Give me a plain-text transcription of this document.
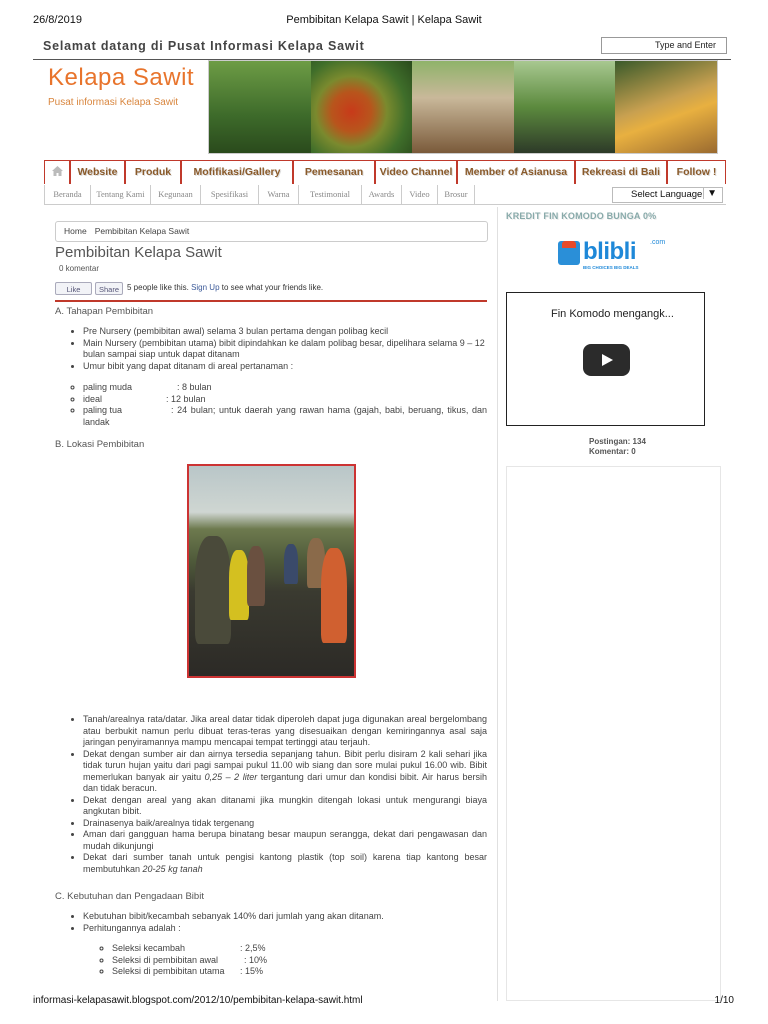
26/8/2019	Pembibitan Kelapa Sawit | Kelapa Sawit
Selamat datang di Pusat Informasi Kelapa Sawit	Type and Enter
Kelapa Sawit
Pusat informasi Kelapa Sawit
Website	Produk	Mofifikasi/Gallery	Pemesanan	Video Channel	Member of Asianusa	Rekreasi di Bali	Follow !
Beranda	Tentang Kami	Kegunaan	Spesifikasi	Warna	Testimonial	Awards	Video	Brosur	Select Language ▼
Home Pembibitan Kelapa Sawit
Pembibitan Kelapa Sawit
0 komentar
Like	Share	5 people like this. Sign Up to see what your friends like.
A. Tahapan Pembibitan
• Pre Nursery (pembibitan awal) selama 3 bulan pertama dengan polibag kecil
• Main Nursery (pembibitan utama) bibit dipindahkan ke dalam polibag besar, dipelihara selama 9 – 12 bulan sampai siap untuk dapat ditanam
• Umur bibit yang dapat ditanam di areal pertanaman :
◦ paling muda	: 8 bulan
◦ ideal	: 12 bulan
◦ paling tua	: 24 bulan; untuk daerah yang rawan hama (gajah, babi, beruang, tikus, dan landak
B. Lokasi Pembibitan
• Tanah/arealnya rata/datar. Jika areal datar tidak diperoleh dapat juga digunakan areal bergelombang atau berbukit namun perlu dibuat teras-teras yang disesuaikan dengan kemiringannya asal saja jaringan penyiramannya mampu mencapai tempat tertinggi atau terjauh.
• Dekat dengan sumber air dan airnya tersedia sepanjang tahun. Bibit perlu disiram 2 kali sehari jika tidak turun hujan yaitu dari pagi sampai pukul 11.00 wib siang dan sore mulai pukul 16.00 wib. Bibit memerlukan banyak air yaitu 0,25 – 2 liter tergantung dari umur dan kondisi bibit. Air harus bersih dan tidak beracun.
• Dekat dengan areal yang akan ditanami jika mungkin ditengah lokasi untuk mengurangi biaya angkutan bibit.
• Drainasenya baik/arealnya tidak tergenang
• Aman dari gangguan hama berupa binatang besar maupun serangga, dekat dari pengawasan dan mudah dikunjungi
• Dekat dari sumber tanah untuk pengisi kantong plastik (top soil) karena tiap kantong besar membutuhkan 20-25 kg tanah
C. Kebutuhan dan Pengadaan Bibit
• Kebutuhan bibit/kecambah sebanyak 140% dari jumlah yang akan ditanam.
• Perhitungannya adalah :
◦ Seleksi kecambah	: 2,5%
◦ Seleksi di pembibitan awal	: 10%
◦ Seleksi di pembibitan utama : 15%
KREDIT FIN KOMODO BUNGA 0%
blibli .com
BIG CHOICES BIG DEALS
Fin Komodo mengangk...
Postingan: 134
Komentar: 0
informasi-kelapasawit.blogspot.com/2012/10/pembibitan-kelapa-sawit.html	1/10
